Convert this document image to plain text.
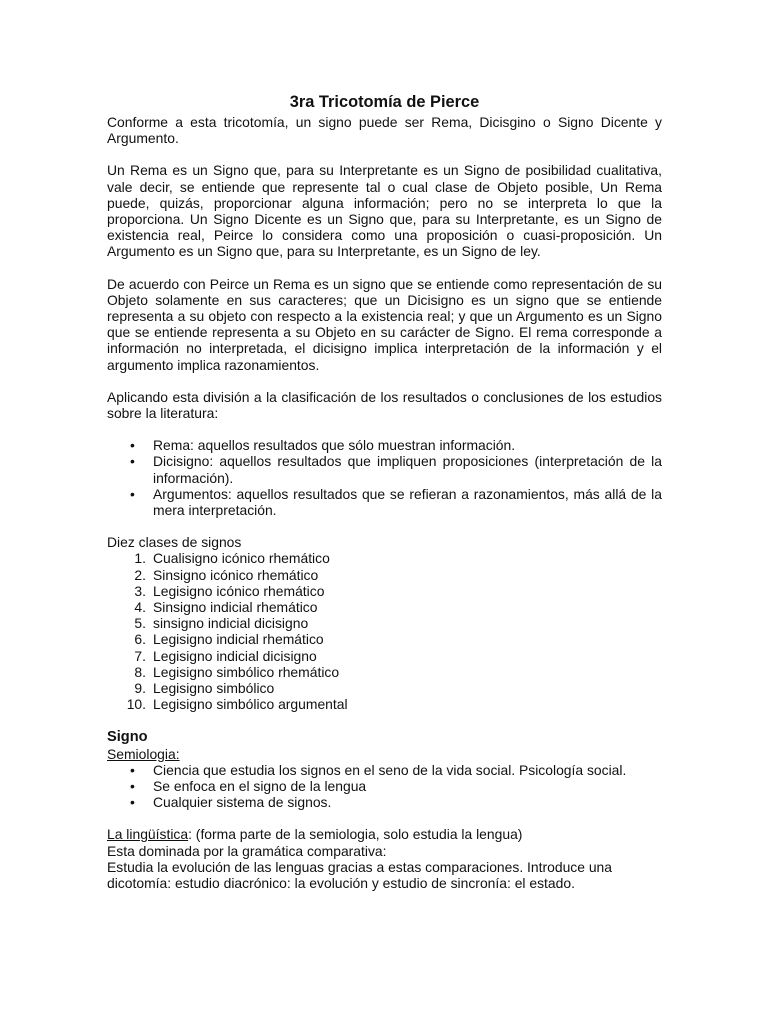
3ra Tricotomía de Pierce

Conforme a esta tricotomía, un signo puede ser Rema, Dicisgino o Signo Dicente y Argumento.

Un Rema es un Signo que, para su Interpretante es un Signo de posibilidad cualitativa, vale decir, se entiende que represente tal o cual clase de Objeto posible, Un Rema puede, quizás, proporcionar alguna información; pero no se interpreta lo que la proporciona. Un Signo Dicente es un Signo que, para su Interpretante, es un Signo de existencia real, Peirce lo considera como una proposición o cuasi-proposición. Un Argumento es un Signo que, para su Interpretante, es un Signo de ley.

De acuerdo con Peirce un Rema es un signo que se entiende como representación de su Objeto solamente en sus caracteres; que un Dicisigno es un signo que se entiende representa a su objeto con respecto a la existencia real; y que un Argumento es un Signo que se entiende representa a su Objeto en su carácter de Signo. El rema corresponde a información no interpretada, el dicisigno implica interpretación de la información y el argumento implica razonamientos.

Aplicando esta división a la clasificación de los resultados o conclusiones de los estudios sobre la literatura:

• Rema: aquellos resultados que sólo muestran información.
• Dicisigno: aquellos resultados que impliquen proposiciones (interpretación de la información).
• Argumentos: aquellos resultados que se refieran a razonamientos, más allá de la mera interpretación.

Diez clases de signos

1. Cualisigno icónico rhemático
2. Sinsigno icónico rhemático
3. Legisigno icónico rhemático
4. Sinsigno indicial rhemático
5. sinsigno indicial dicisigno
6. Legisigno indicial rhemático
7. Legisigno indicial dicisigno
8. Legisigno simbólico rhemático
9. Legisigno simbólico
10. Legisigno simbólico argumental
Signo

Semiologia:

• Ciencia que estudia los signos en el seno de la vida social. Psicología social.
• Se enfoca en el signo de la lengua
• Cualquier sistema de signos.

La lingüística: (forma parte de la semiologia, solo estudia la lengua)

Esta dominada por la gramática comparativa:

Estudia la evolución de las lenguas gracias a estas comparaciones. Introduce una dicotomía: estudio diacrónico: la evolución y estudio de sincronía: el estado.
